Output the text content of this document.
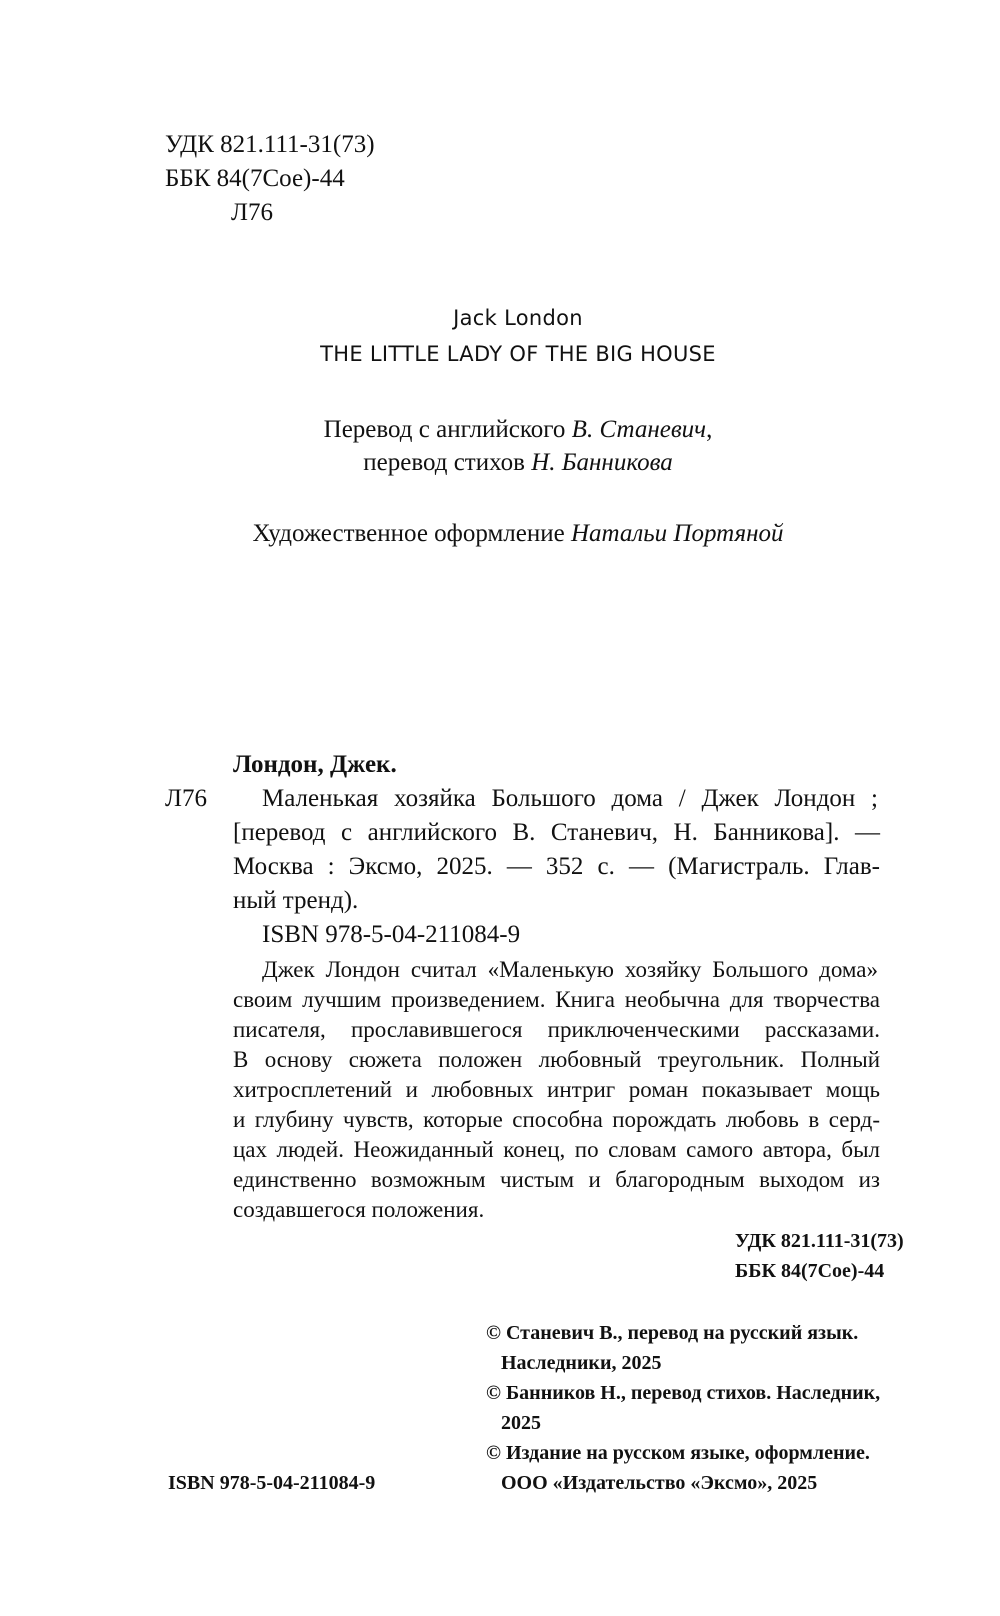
УДК 821.111-31(73)
ББК 84(7Сое)-44
Л76
Jack London
THE LITTLE LADY OF THE BIG HOUSE
Перевод с английского В. Станевич,
перевод стихов Н. Банникова
Художественное оформление Натальи Портяной
Лондон, Джек.
Л76 Маленькая хозяйка Большого дома / Джек Лондон ;
[перевод с английского В. Станевич, Н. Банникова]. —
Москва : Эксмо, 2025. — 352 с. — (Магистраль. Глав-
ный тренд).
ISBN 978-5-04-211084-9
Джек Лондон считал «Маленькую хозяйку Большого дома»
своим лучшим произведением. Книга необычна для творчества
писателя, прославившегося приключенческими рассказами.
В основу сюжета положен любовный треугольник. Полный
хитросплетений и любовных интриг роман показывает мощь
и глубину чувств, которые способна порождать любовь в серд-
цах людей. Неожиданный конец, по словам самого автора, был
единственно возможным чистым и благородным выходом из
создавшегося положения.
УДК 821.111-31(73)
ББК 84(7Сое)-44
© Станевич В., перевод на русский язык.
Наследники, 2025
© Банников Н., перевод стихов. Наследник,
2025
© Издание на русском языке, оформление.
ООО «Издательство «Эксмо», 2025
ISBN 978-5-04-211084-9
